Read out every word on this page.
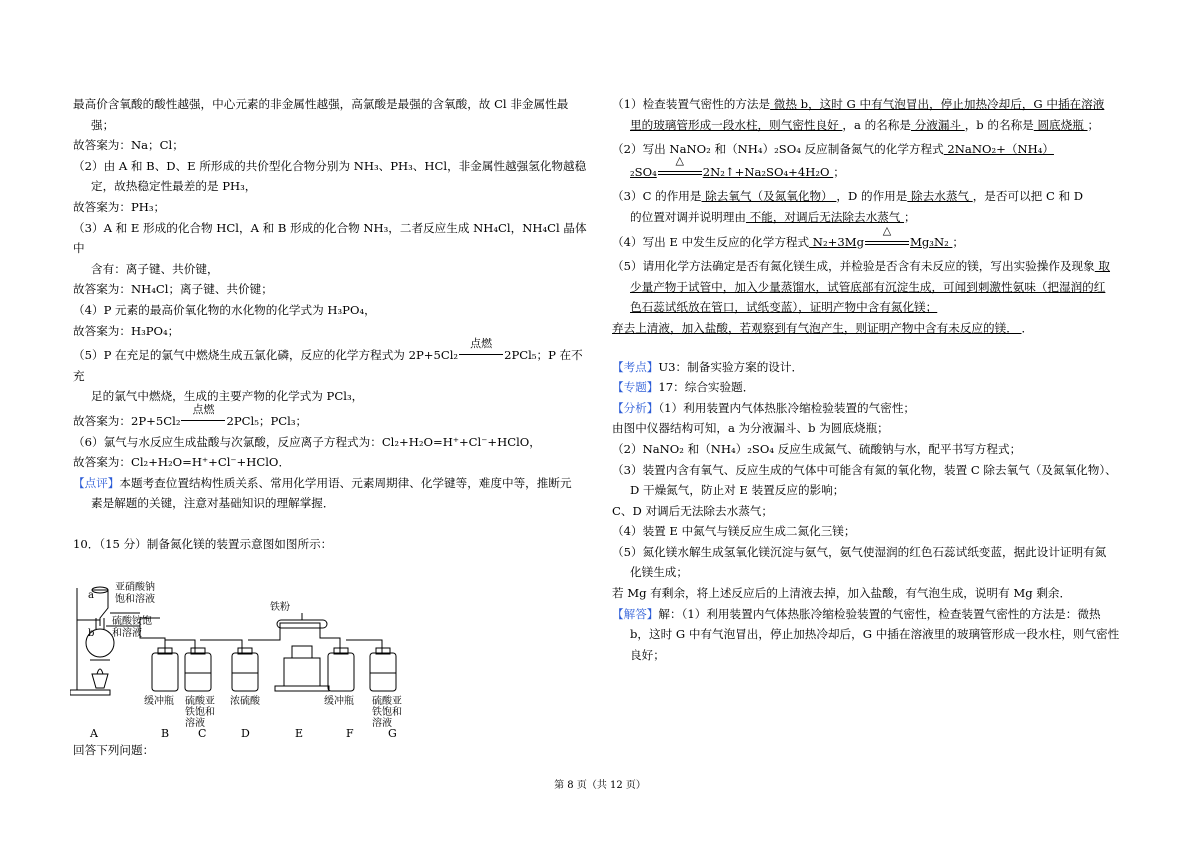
最高价含氧酸的酸性越强，中心元素的非金属性越强，高氯酸是最强的含氧酸，故 Cl 非金属性最

强；

故答案为：Na；Cl；

（2）由 A 和 B、D、E 所形成的共价型化合物分别为 NH₃、PH₃、HCl，非金属性越强氢化物越稳

定，故热稳定性最差的是 PH₃，

故答案为：PH₃；

（3）A 和 E 形成的化合物 HCl，A 和 B 形成的化合物 NH₃，二者反应生成 NH₄Cl，NH₄Cl 晶体中

含有：离子键、共价键，

故答案为：NH₄Cl；离子键、共价键；

（4）P 元素的最高价氧化物的水化物的化学式为 H₃PO₄，

故答案为：H₃PO₄；

（5）P 在充足的氯气中燃烧生成五氯化磷，反应的化学方程式为 2P+5Cl₂
点燃
2PCl₅；P 在不充

足的氯气中燃烧，生成的主要产物的化学式为 PCl₃，

故答案为：2P+5Cl₂
点燃
2PCl₅；PCl₃；

（6）氯气与水反应生成盐酸与次氯酸，反应离子方程式为：Cl₂+H₂O=H⁺+Cl⁻+HClO，

故答案为：Cl₂+H₂O=H⁺+Cl⁻+HClO．

【点评】本题考查位置结构性质关系、常用化学用语、元素周期律、化学键等，难度中等，推断元

素是解题的关键，注意对基础知识的理解掌握．

10．（15 分）制备氮化镁的装置示意图如图所示：

a
b
亚硝酸钠
饱和溶液
硫酸铵饱
和溶液
铁粉
缓冲瓶 硫酸亚
铁饱和
溶液
浓硫酸	缓冲瓶 硫酸亚
铁饱和
溶液
A	B	C	D	E	F	G

回答下列问题：

（1）检查装置气密性的方法是 微热 b，这时 G 中有气泡冒出，停止加热冷却后，G 中插在溶液

里的玻璃管形成一段水柱，则气密性良好 ，a 的名称是 分液漏斗 ，b 的名称是 圆底烧瓶 ；

（2）写出 NaNO₂ 和（NH₄）₂SO₄ 反应制备氮气的化学方程式 2NaNO₂+（NH₄）

₂SO₄
△
2N₂↑+Na₂SO₄+4H₂O ；

（3）C 的作用是 除去氧气（及氮氧化物） ，D 的作用是 除去水蒸气 ，是否可以把 C 和 D

的位置对调并说明理由 不能，对调后无法除去水蒸气 ；

（4）写出 E 中发生反应的化学方程式 N₂+3Mg
△
Mg₃N₂ ；

（5）请用化学方法确定是否有氮化镁生成，并检验是否含有未反应的镁，写出实验操作及现象 取

少量产物于试管中，加入少量蒸馏水，试管底部有沉淀生成，可闻到刺激性氨味（把湿润的红

色石蕊试纸放在管口，试纸变蓝），证明产物中含有氮化镁；

弃去上清液，加入盐酸，若观察到有气泡产生，则证明产物中含有未反应的镁． ．

【考点】U3：制备实验方案的设计．

【专题】17：综合实验题．

【分析】（1）利用装置内气体热胀冷缩检验装置的气密性；

由图中仪器结构可知，a 为分液漏斗、b 为圆底烧瓶；

（2）NaNO₂ 和（NH₄）₂SO₄ 反应生成氮气、硫酸钠与水，配平书写方程式；

（3）装置内含有氧气、反应生成的气体中可能含有氮的氧化物，装置 C 除去氧气（及氮氧化物）、

D 干燥氮气，防止对 E 装置反应的影响；

C、D 对调后无法除去水蒸气；

（4）装置 E 中氮气与镁反应生成二氮化三镁；

（5）氮化镁水解生成氢氧化镁沉淀与氨气，氨气使湿润的红色石蕊试纸变蓝，据此设计证明有氮

化镁生成；

若 Mg 有剩余，将上述反应后的上清液去掉，加入盐酸，有气泡生成，说明有 Mg 剩余．

【解答】解：（1）利用装置内气体热胀冷缩检验装置的气密性，检查装置气密性的方法是：微热

b，这时 G 中有气泡冒出，停止加热冷却后，G 中插在溶液里的玻璃管形成一段水柱，则气密性

良好；

第 8 页（共 12 页）
